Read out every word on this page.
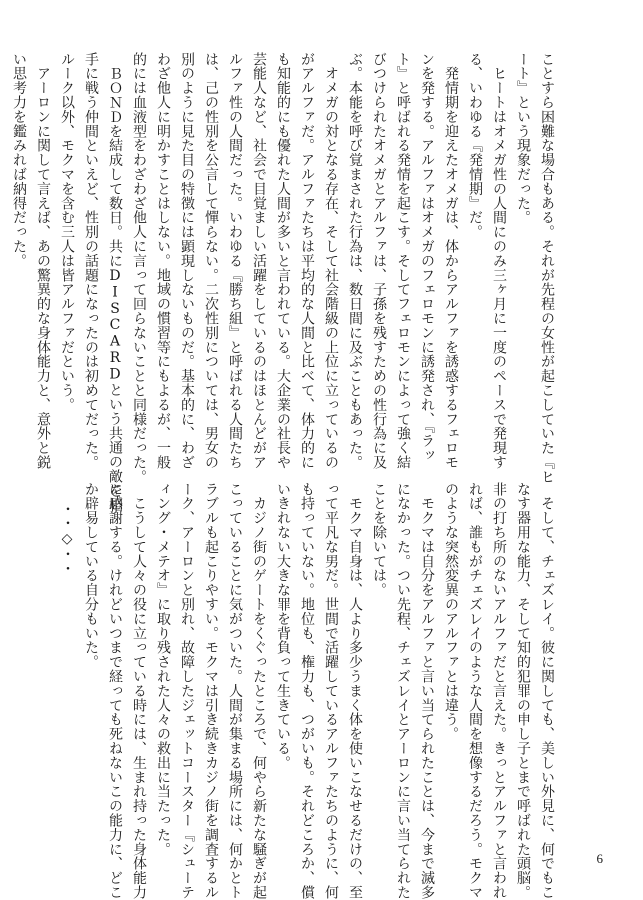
ことすら困難な場合もある。それが先程の女性が起こしていた『ヒ

ート』という現象だった。

　ヒートはオメガ性の人間にのみ三ヶ月に一度のペースで発現す

る、いわゆる『発情期』だ。

　発情期を迎えたオメガは、体からアルファを誘惑するフェロモ

ンを発する。アルファはオメガのフェロモンに誘発され、『ラッ

ト』と呼ばれる発情を起こす。そしてフェロモンによって強く結

びつけられたオメガとアルファは、子孫を残すための性行為に及

ぶ。本能を呼び覚まされた行為は、数日間に及ぶこともあった。

　オメガの対となる存在、そして社会階級の上位に立っているの

がアルファだ。アルファたちは平均的な人間と比べて、体力的に

も知能的にも優れた人間が多いと言われている。大企業の社長や

芸能人など、社会で目覚ましい活躍をしているのはほとんどがア

ルファ性の人間だった。いわゆる『勝ち組』と呼ばれる人間たち

は、己の性別を公言して憚らない。二次性別については、男女の

別のように見た目の特徴には顕現しないものだ。基本的に、わざ

わざ他人に明かすことはしない。地域の慣習等にもよるが、一般

的には血液型をわざわざ他人に言って回らないことと同様だった。

　ＢＯＮＤを結成して数日。共にDISCARDという共通の敵を相

手に戦う仲間といえど、性別の話題になったのは初めてだった。

ルーク以外、モクマを含む三人は皆アルファだという。

　アーロンに関して言えば、あの驚異的な身体能力と、意外と鋭

い思考力を鑑みれば納得だった。

　そして、チェズレイ。彼に関しても、美しい外見に、何でもこ

なす器用な能力、そして知的犯罪の申し子とまで呼ばれた頭脳。

非の打ち所のないアルファだと言えた。きっとアルファと言われ

れば、誰もがチェズレイのような人間を想像するだろう。モクマ

のような突然変異のアルファとは違う。

　モクマは自分をアルファと言い当てられたことは、今まで滅多

になかった。つい先程、チェズレイとアーロンに言い当てられた

ことを除いては。

　モクマ自身は、人より多少うまく体を使いこなせるだけの、至

って平凡な男だ。世間で活躍しているアルファたちのように、何

も持っていない。地位も、権力も、つがいも。それどころか、償

いきれない大きな罪を背負って生きている。

　カジノ街のゲートをくぐったところで、何やら新たな騒ぎが起

こっていることに気がついた。人間が集まる場所には、何かとト

ラブルも起こりやすい。モクマは引き続きカジノ街を調査するル

ーク、アーロンと別れ、故障したジェットコースター『シューテ

ィング・メテオ』に取り残された人々の救出に当たった。

　こうして人々の役に立っている時には、生まれ持った身体能力

に感謝する。けれどいつまで経っても死ねないこの能力に、どこ

か辟易している自分もいた。

・・◇・・

6
